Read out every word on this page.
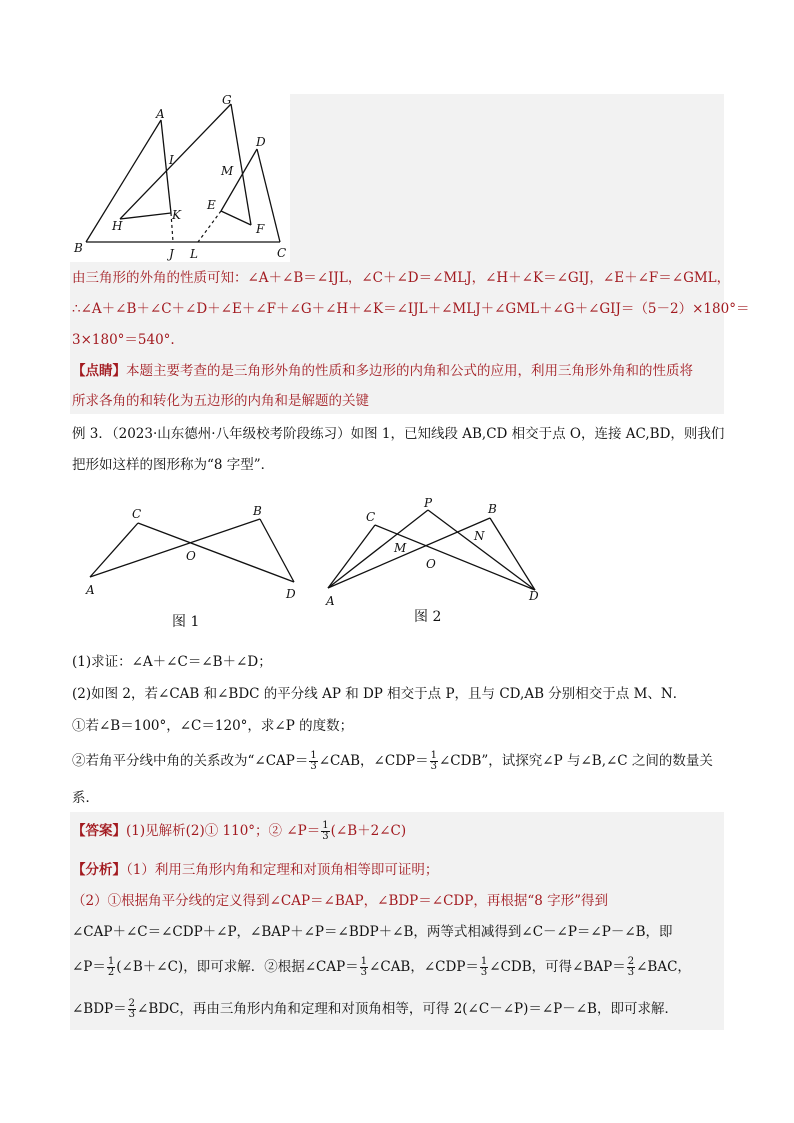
A
B	C
D
E
F
G
H
I
J
K
L
M
由三角形的外角的性质可知：∠A＋∠B＝∠IJL，∠C＋∠D＝∠MLJ，∠H＋∠K＝∠GIJ，∠E＋∠F＝∠GML，
∴∠A＋∠B＋∠C＋∠D＋∠E＋∠F＋∠G＋∠H＋∠K＝∠IJL＋∠MLJ＋∠GML＋∠G＋∠GIJ＝（5－2）×180°＝
3×180°＝540°.
【点睛】本题主要考查的是三角形外角的性质和多边形的内角和公式的应用，利用三角形外角和的性质将
所求各角的和转化为五边形的内角和是解题的关键
例 3．（2023·山东德州·八年级校考阶段练习）如图 1，已知线段 AB,CD 相交于点 O，连接 AC,BD，则我们
把形如这样的图形称为“8 字型”．
A
B
C
D
O
图 1
A
B
C
D
P
M
N
O
图 2
(1)求证：∠A＋∠C＝∠B＋∠D；
(2)如图 2，若∠CAB 和∠BDC 的平分线 AP 和 DP 相交于点 P，且与 CD,AB 分别相交于点 M、N．
①若∠B＝100°，∠C＝120°，求∠P 的度数；
②若角平分线中角的关系改为“∠CAP＝ $\frac{1}{3}$ ∠CAB，∠CDP＝ $\frac{1}{3}$ ∠CDB”，试探究∠P 与∠B,∠C 之间的数量关
系．
【答案】(1)见解析(2)① 110°；② ∠P＝ $\frac{1}{3}$ (∠B＋2∠C)
【分析】（1）利用三角形内角和定理和对顶角相等即可证明；
（2）①根据角平分线的定义得到∠CAP＝∠BAP，∠BDP＝∠CDP，再根据“8 字形”得到
∠CAP＋∠C＝∠CDP＋∠P，∠BAP＋∠P＝∠BDP＋∠B，两等式相减得到∠C－∠P＝∠P－∠B，即
∠P＝ $\frac{1}{2}$ (∠B＋∠C)，即可求解．②根据∠CAP＝ $\frac{1}{3}$ ∠CAB，∠CDP＝ $\frac{1}{3}$ ∠CDB，可得∠BAP＝ $\frac{2}{3}$ ∠BAC，
∠BDP＝ $\frac{2}{3}$ ∠BDC，再由三角形内角和定理和对顶角相等，可得 2(∠C－∠P)＝∠P－∠B，即可求解．
